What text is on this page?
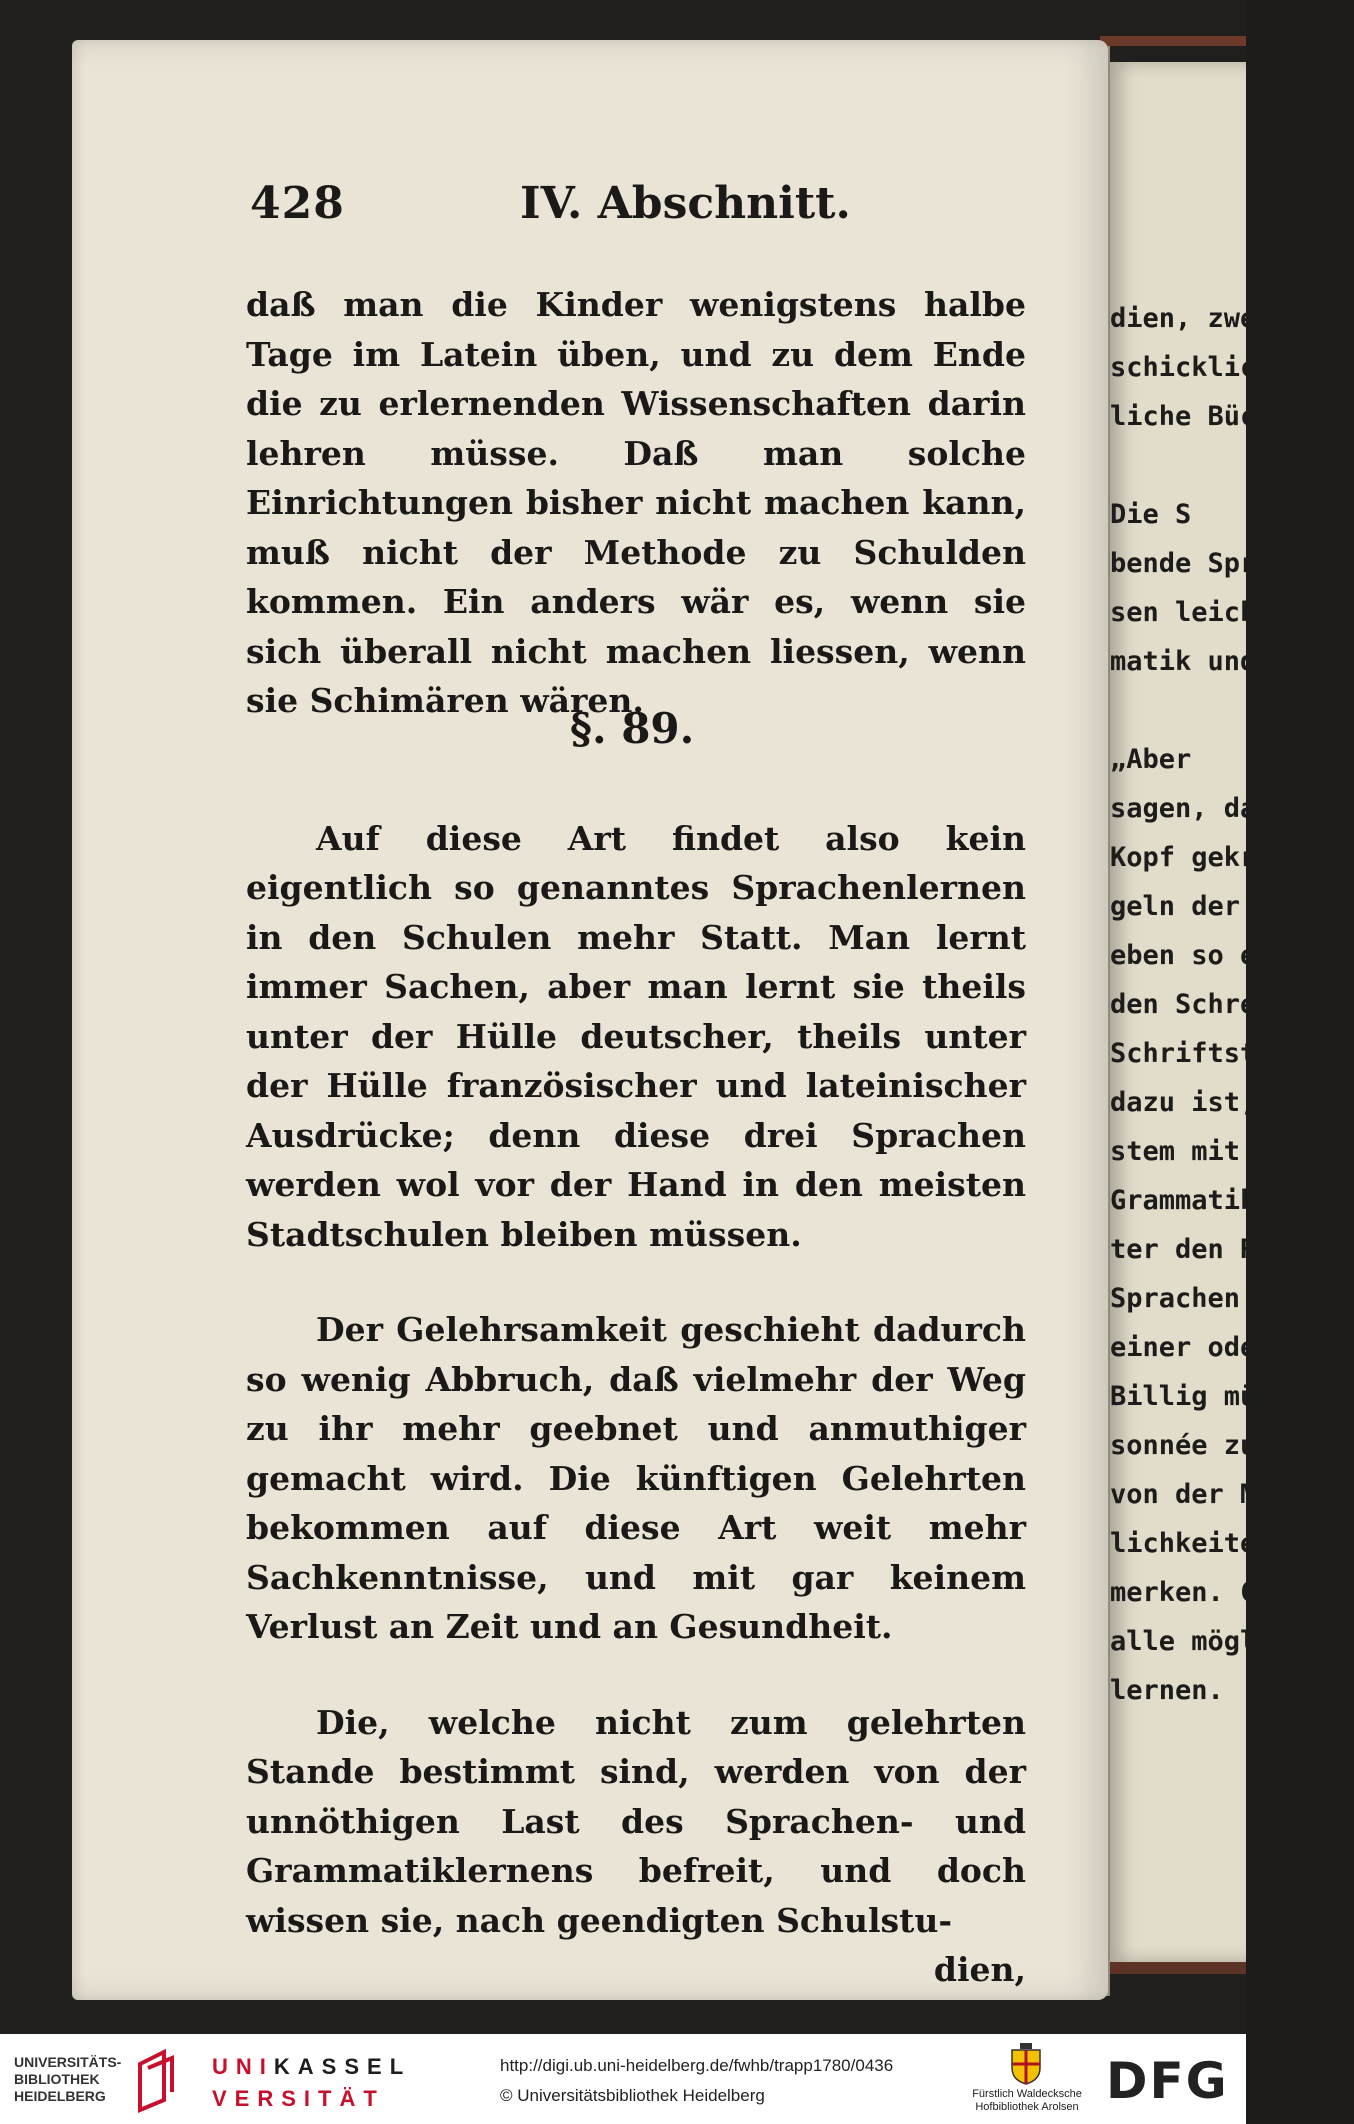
dien, zwei f
schicklichkeit
liche Bücher

Die S
bende Spre
sen leicht e
matik und

„Aber
sagen, da sie
Kopf gekrieg
geln der G
eben so einge
den Schreib
Schriftsteller
dazu ist, liest
stem mit ihm
Grammatik,
ter den Reg
Sprachen g
einer oder
Billig müß
sonnée zu
von der Mi
lichkeiten u
merken. C
alle mögliche
lernen.
428	IV. Abschnitt.

daß man die Kinder wenigstens halbe Tage im Latein üben, und zu dem Ende die zu erlernenden Wissenschaften darin lehren müsse. Daß man solche Einrichtungen bisher nicht machen kann, muß nicht der Methode zu Schulden kommen. Ein anders wär es, wenn sie sich überall nicht machen liessen, wenn sie Schimären wären.

Auf diese Art findet also kein eigentlich so genanntes Sprachenlernen in den Schulen mehr Statt. Man lernt immer Sachen, aber man lernt sie theils unter der Hülle deutscher, theils unter der Hülle französischer und lateinischer Ausdrücke; denn diese drei Sprachen werden wol vor der Hand in den meisten Stadtschulen bleiben müssen.

Der Gelehrsamkeit geschieht dadurch so wenig Abbruch, daß vielmehr der Weg zu ihr mehr geebnet und anmuthiger gemacht wird. Die künftigen Gelehrten bekommen auf diese Art weit mehr Sachkenntnisse, und mit gar keinem Verlust an Zeit und an Gesundheit.

Die, welche nicht zum gelehrten Stande bestimmt sind, werden von der unnöthigen Last des Sprachen- und Grammatiklernens befreit, und doch wissen sie, nach geendigten Schulstu-

dien,

§. 89.
UNIVERSITÄTS-
BIBLIOTHEK
HEIDELBERG
UNIKASSEL
VERSITÄT
http://digi.ub.uni-heidelberg.de/fwhb/trapp1780/0436
© Universitätsbibliothek Heidelberg	Fürstlich Waldecksche
Hofbibliothek Arolsen DFG
